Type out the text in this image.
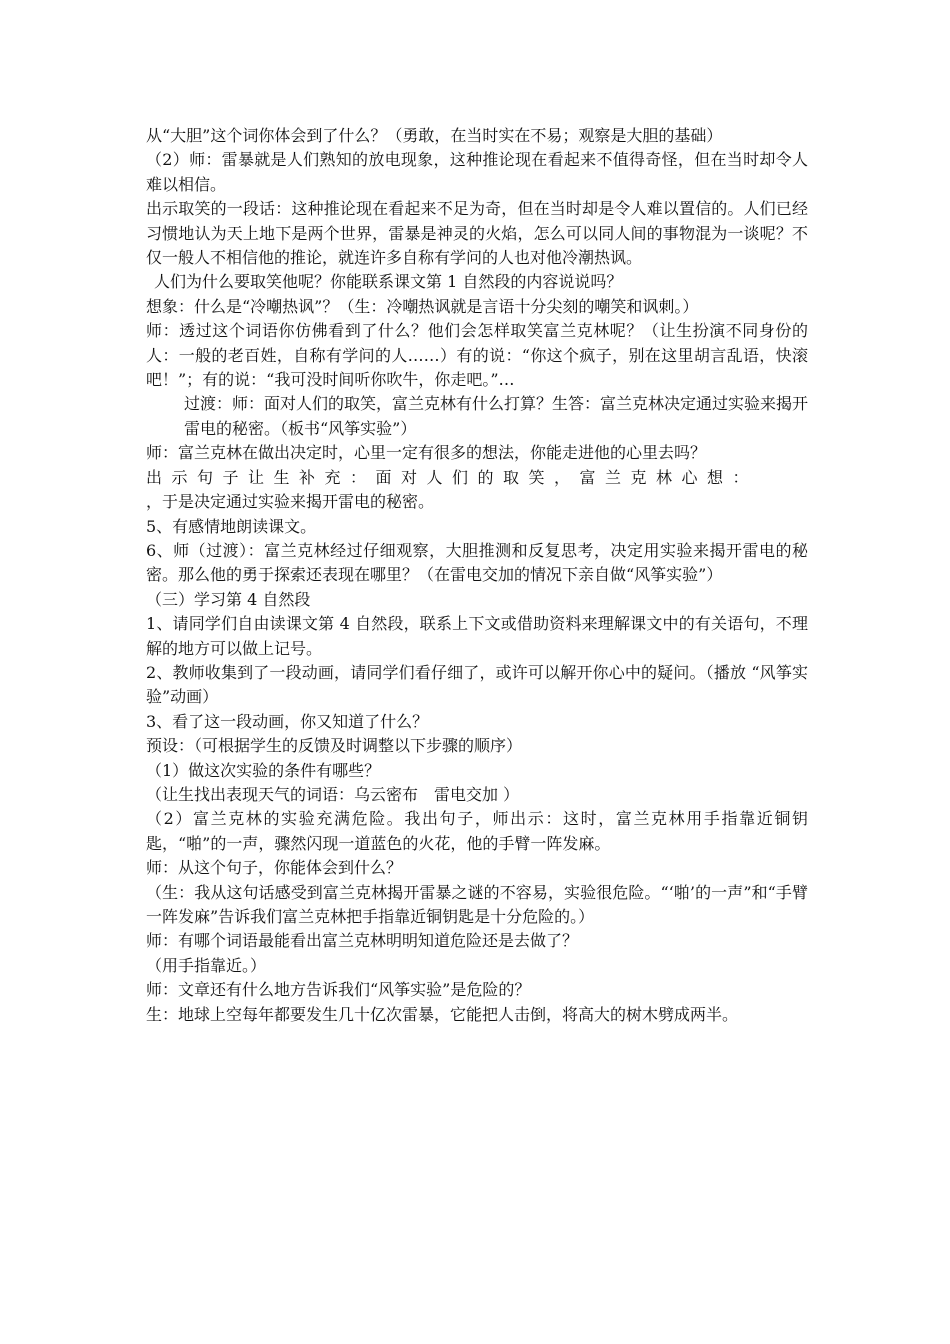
从“大胆”这个词你体会到了什么？（勇敢，在当时实在不易；观察是大胆的基础）

（2）师：雷暴就是人们熟知的放电现象，这种推论现在看起来不值得奇怪，但在当时却令人难以相信。

出示取笑的一段话：这种推论现在看起来不足为奇，但在当时却是令人难以置信的。人们已经习惯地认为天上地下是两个世界，雷暴是神灵的火焰，怎么可以同人间的事物混为一谈呢？不仅一般人不相信他的推论，就连许多自称有学问的人也对他冷潮热讽。

人们为什么要取笑他呢？你能联系课文第 1 自然段的内容说说吗？

想象：什么是“冷嘲热讽”？（生：冷嘲热讽就是言语十分尖刻的嘲笑和讽刺。）

师：透过这个词语你仿佛看到了什么？他们会怎样取笑富兰克林呢？（让生扮演不同身份的人：一般的老百姓，自称有学问的人……）有的说：“你这个疯子，别在这里胡言乱语，快滚吧！”；有的说：“我可没时间听你吹牛，你走吧。”…

过渡：师：面对人们的取笑，富兰克林有什么打算？生答：富兰克林决定通过实验来揭开雷电的秘密。（板书“风筝实验”）

师：富兰克林在做出决定时，心里一定有很多的想法，你能走进他的心里去吗？

出示句子让生补充：面对人们的取笑，富兰克林心想：

，于是决定通过实验来揭开雷电的秘密。

5、有感情地朗读课文。

6、师（过渡）：富兰克林经过仔细观察，大胆推测和反复思考，决定用实验来揭开雷电的秘密。那么他的勇于探索还表现在哪里？（在雷电交加的情况下亲自做“风筝实验”）

（三）学习第 4 自然段

1、请同学们自由读课文第 4 自然段，联系上下文或借助资料来理解课文中的有关语句，不理解的地方可以做上记号。

2、教师收集到了一段动画，请同学们看仔细了，或许可以解开你心中的疑问。（播放 “风筝实验”动画）

3、看了这一段动画，你又知道了什么？

预设：（可根据学生的反馈及时调整以下步骤的顺序）

（1）做这次实验的条件有哪些？

（让生找出表现天气的词语：乌云密布　雷电交加 ）

（2）富兰克林的实验充满危险。我出句子，师出示：这时，富兰克林用手指靠近铜钥匙，“啪”的一声，骤然闪现一道蓝色的火花，他的手臂一阵发麻。

师：从这个句子，你能体会到什么？

（生：我从这句话感受到富兰克林揭开雷暴之谜的不容易，实验很危险。“‘啪’的一声”和“手臂一阵发麻”告诉我们富兰克林把手指靠近铜钥匙是十分危险的。）

师：有哪个词语最能看出富兰克林明明知道危险还是去做了？

（用手指靠近。）

师：文章还有什么地方告诉我们“风筝实验”是危险的？

生：地球上空每年都要发生几十亿次雷暴，它能把人击倒，将高大的树木劈成两半。
